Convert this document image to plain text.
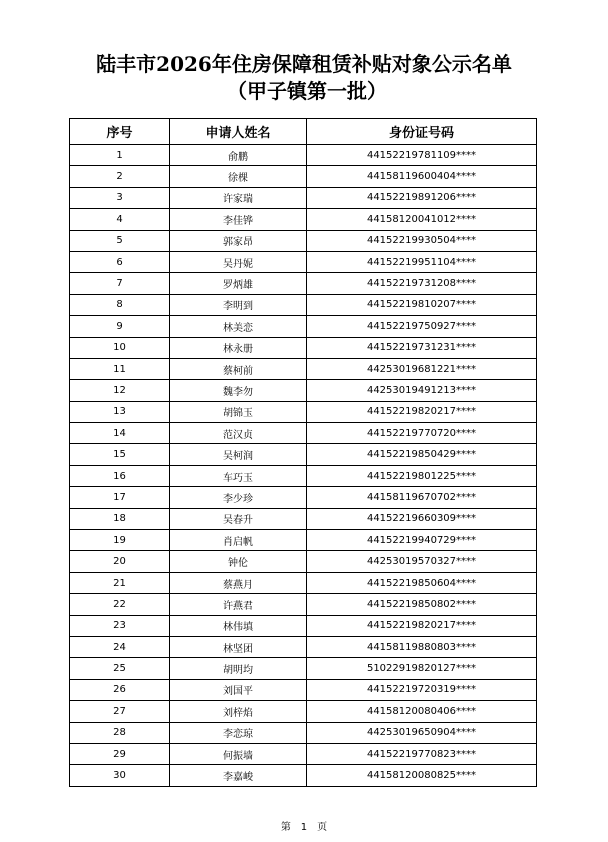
陆丰市2026年住房保障租赁补贴对象公示名单
（甲子镇第一批）
序号	申请人姓名	身份证号码
1	俞鹏	44152219781109****
2	徐棵	44158119600404****
3	许家瑞	44152219891206****
4	李佳铧	44158120041012****
5	郭家昂	44152219930504****
6	吴丹妮	44152219951104****
7	罗炳雄	44152219731208****
8	李明到	44152219810207****
9	林美恋	44152219750927****
10	林永册	44152219731231****
11	蔡柯前	44253019681221****
12	魏李勿	44253019491213****
13	胡锦玉	44152219820217****
14	范汉贞	44152219770720****
15	吴柯润	44152219850429****
16	车巧玉	44152219801225****
17	李少珍	44158119670702****
18	吴春升	44152219660309****
19	肖启帆	44152219940729****
20	钟伦	44253019570327****
21	蔡燕月	44152219850604****
22	许燕君	44152219850802****
23	林伟填	44152219820217****
24	林坚团	44158119880803****
25	胡明均	51022919820127****
26	刘国平	44152219720319****
27	刘梓焰	44158120080406****
28	李恋琼	44253019650904****
29	何振墙	44152219770823****
30	李嘉峻	44158120080825****
第　1　页
